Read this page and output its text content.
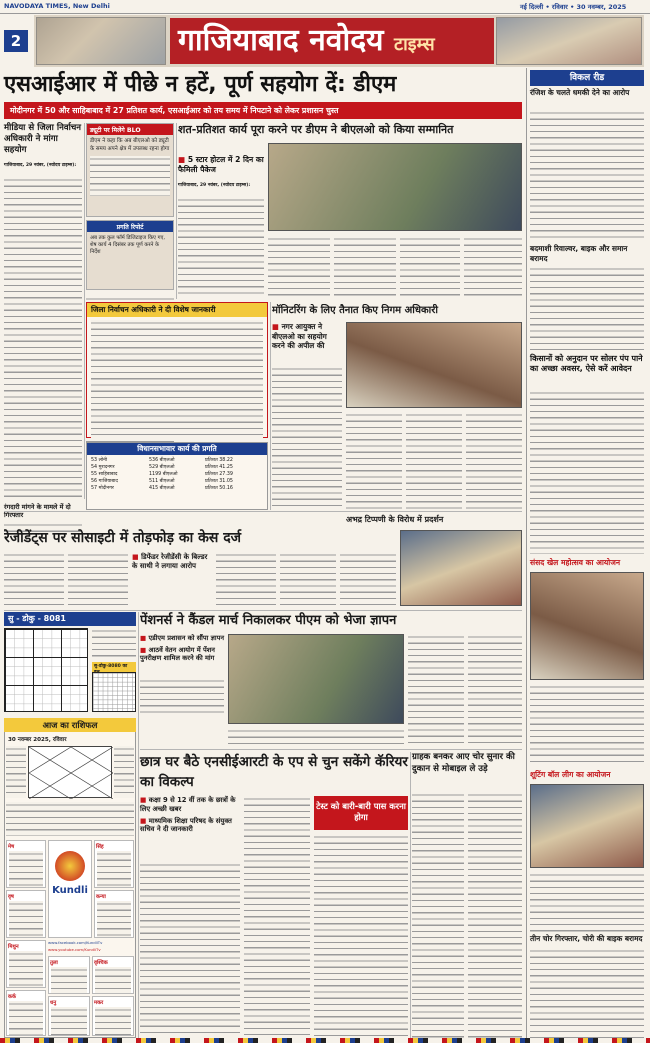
NAVODAYA TIMES, New Delhi	नई दिल्ली • रविवार • 30 नवम्बर, 2025
2	गाजियाबाद नवोदय टाइम्स
एसआईआर में पीछे न हटें, पूर्ण सहयोग दें: डीएम
मोदीनगर में 50 और साहिबाबाद में 27 प्रतिशत कार्य, एसआईआर को तय समय में निपटाने को लेकर प्रशासन चुस्त
मीडिया से जिला निर्वाचन अधिकारी ने मांगा सहयोग
गाजियाबाद, 29 नवंबर, (नवोदय टाइम्स):
ड्यूटी पर मिलेंगे BLO
डीएम ने कहा कि अब बीएलओ को ड्यूटी के समय अपने क्षेत्र में उपलब्ध रहना होगा
प्रगति रिपोर्ट
अब तक कुल फॉर्म डिजिटाइज किए गए, शेष कार्य 4 दिसंबर तक पूर्ण करने के निर्देश
शत-प्रतिशत कार्य पूरा करने पर डीएम ने बीएलओ को किया सम्मानित
■ 5 स्टार होटल में 2 दिन का फैमिली पैकेज
गाजियाबाद, 29 नवंबर, (नवोदय टाइम्स):
जिला निर्वाचन अधिकारी ने दी विशेष जानकारी
विधानसभावार कार्य की प्रगति
53 लोनी	536 बीएलओ	प्रतिशत 38.22
54 मुरादनगर	529 बीएलओ	प्रतिशत 41.25
55 साहिबाबाद	1199 बीएलओ	प्रतिशत 27.39
56 गाजियाबाद	511 बीएलओ	प्रतिशत 31.05
57 मोदीनगर	415 बीएलओ	प्रतिशत 50.16
मॉनिटरिंग के लिए तैनात किए निगम अधिकारी
■ नगर आयुक्त ने बीएलओ का सहयोग करने की अपील की
रंगदारी मांगने के मामले में दो गिरफ्तार
रेजीडेंट्स पर सोसाइटी में तोड़फोड़ का केस दर्ज
■ डिफेंडर रेजीडेंसी के बिल्डर के साथी ने लगाया आरोप
अभद्र टिप्पणी के विरोध में प्रदर्शन
सु - डोकु - 8081
सु-डोकु-8080 का
पेंशनर्स ने कैंडल मार्च निकालकर पीएम को भेजा ज्ञापन
■ एडीएम प्रशासन को सौंपा ज्ञापन
■ आठवें वेतन आयोग में पेंशन पुनरीक्षण शामिल करने की मांग
आज का राशिफल
30 नवम्बर 2025, रविवार
मेष
वृष
मिथुन
कर्क
Kundli
www.facebook.com/KundliTv
www.youtube.com/KundliTv
सिंह
कन्या
तुला	वृश्चिक
धनु	मकर
छात्र घर बैठे एनसीईआरटी के एप से चुन सकेंगे कॅरियर का विकल्प
■ कक्षा 9 से 12 वीं तक के छात्रों के लिए अच्छी खबर
■ माध्यमिक शिक्षा परिषद के संयुक्त सचिव ने दी जानकारी
टेस्ट को बारी-बारी पास करना होगा
ग्राहक बनकर आए चोर सुनार की दुकान से मोबाइल ले उड़े
विकल रीड
रंजिश के चलते धमकी देने का आरोप
बदमाशी रिवाल्वर, बाइक और समान बरामद
किसानों को अनुदान पर सोलर पंप पाने का अच्छा अवसर, ऐसे करें आवेदन
संसद खेल महोत्सव का आयोजन
शूटिंग बॉल लीग का आयोजन
तीन चोर गिरफ्तार, चोरी की बाइक बरामद
